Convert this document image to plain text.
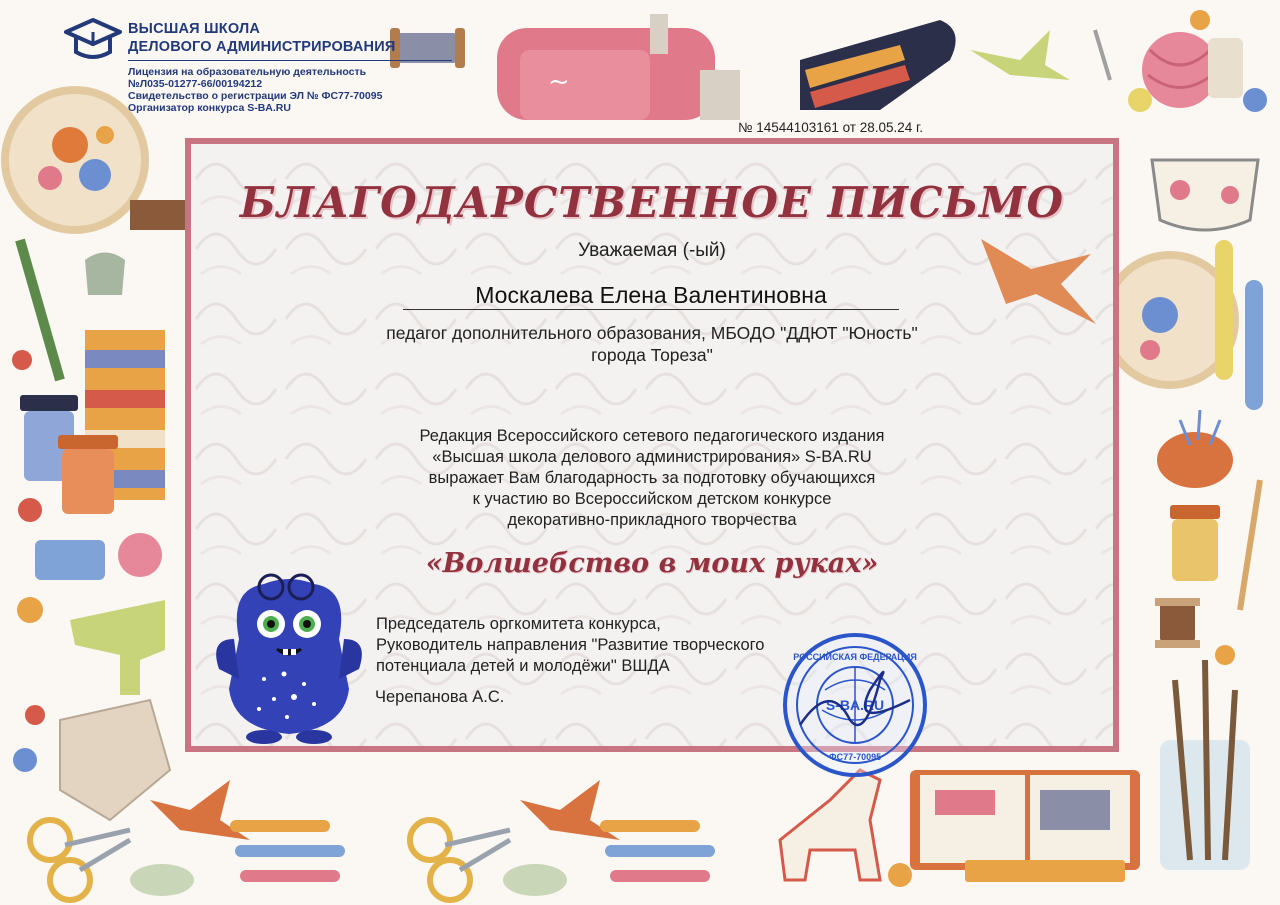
~
ВЫСШАЯ ШКОЛА
ДЕЛОВОГО АДМИНИСТРИРОВАНИЯ
Лицензия на образовательную деятельность
№Л035-01277-66/00194212
Свидетельство о регистрации ЭЛ № ФС77-70095
Организатор конкурса S-BA.RU
№ 14544103161 от 28.05.24 г.
БЛАГОДАРСТВЕННОЕ ПИСЬМО
Уважаемая (-ый)
Москалева Елена Валентиновна
педагог дополнительного образования, МБОДО "ДДЮТ "Юность"
города Тореза"
Редакция Всероссийского сетевого педагогического издания
«Высшая школа делового администрирования» S-BA.RU
выражает Вам благодарность за подготовку обучающихся
к участию во Всероссийском детском конкурсе
декоративно-прикладного творчества
«Волшебство в моих руках»
Председатель оргкомитета конкурса,
Руководитель направления "Развитие творческого
потенциала детей и молодёжи" ВШДА
Черепанова А.С.	S-BA.RU
РОССИЙСКАЯ ФЕДЕРАЦИЯ
ФС77-70095
